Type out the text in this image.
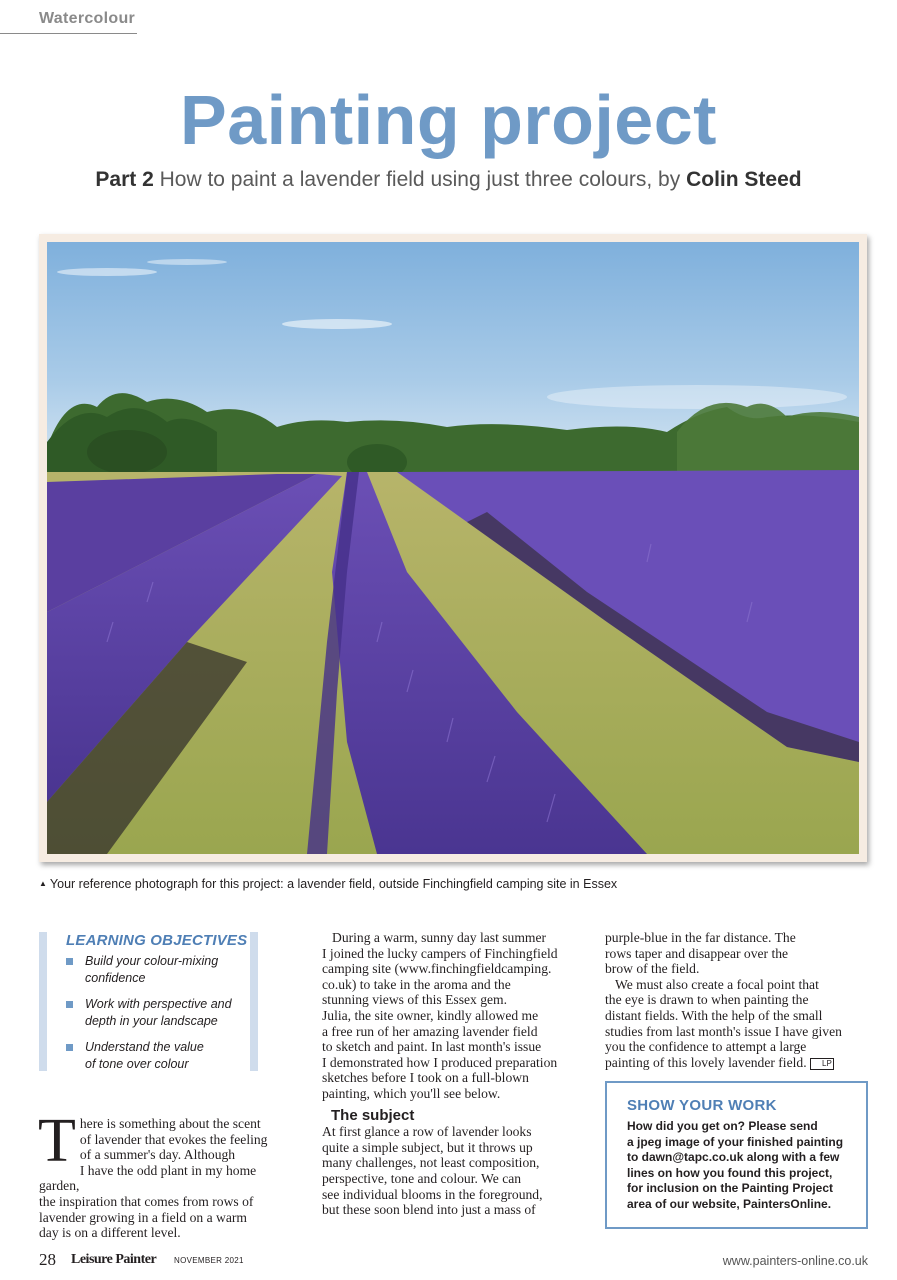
Watercolour
Painting project
Part 2 How to paint a lavender field using just three colours, by Colin Steed
▲ Your reference photograph for this project: a lavender field, outside Finchingfield camping site in Essex
LEARNING OBJECTIVES
Build your colour-mixing
confidence
Work with perspective and
depth in your landscape
Understand the value
of tone over colour
T here is something about the scent
of lavender that evokes the feeling
of a summer's day. Although
I have the odd plant in my home garden,
the inspiration that comes from rows of
lavender growing in a field on a warm
day is on a different level.
During a warm, sunny day last summer
I joined the lucky campers of Finchingfield
camping site (www.finchingfieldcamping.
co.uk) to take in the aroma and the
stunning views of this Essex gem.
Julia, the site owner, kindly allowed me
a free run of her amazing lavender field
to sketch and paint. In last month's issue
I demonstrated how I produced preparation
sketches before I took on a full-blown
painting, which you'll see below.
The subject
At first glance a row of lavender looks
quite a simple subject, but it throws up
many challenges, not least composition,
perspective, tone and colour. We can
see individual blooms in the foreground,
but these soon blend into just a mass of
purple-blue in the far distance. The
rows taper and disappear over the
brow of the field.
We must also create a focal point that
the eye is drawn to when painting the
distant fields. With the help of the small
studies from last month's issue I have given
you the confidence to attempt a large
painting of this lovely lavender field. LP
SHOW YOUR WORK
How did you get on? Please send
a jpeg image of your finished painting
to dawn@tapc.co.uk along with a few
lines on how you found this project,
for inclusion on the Painting Project
area of our website, PaintersOnline.
28 Leisure Painter NOVEMBER 2021	www.painters-online.co.uk
